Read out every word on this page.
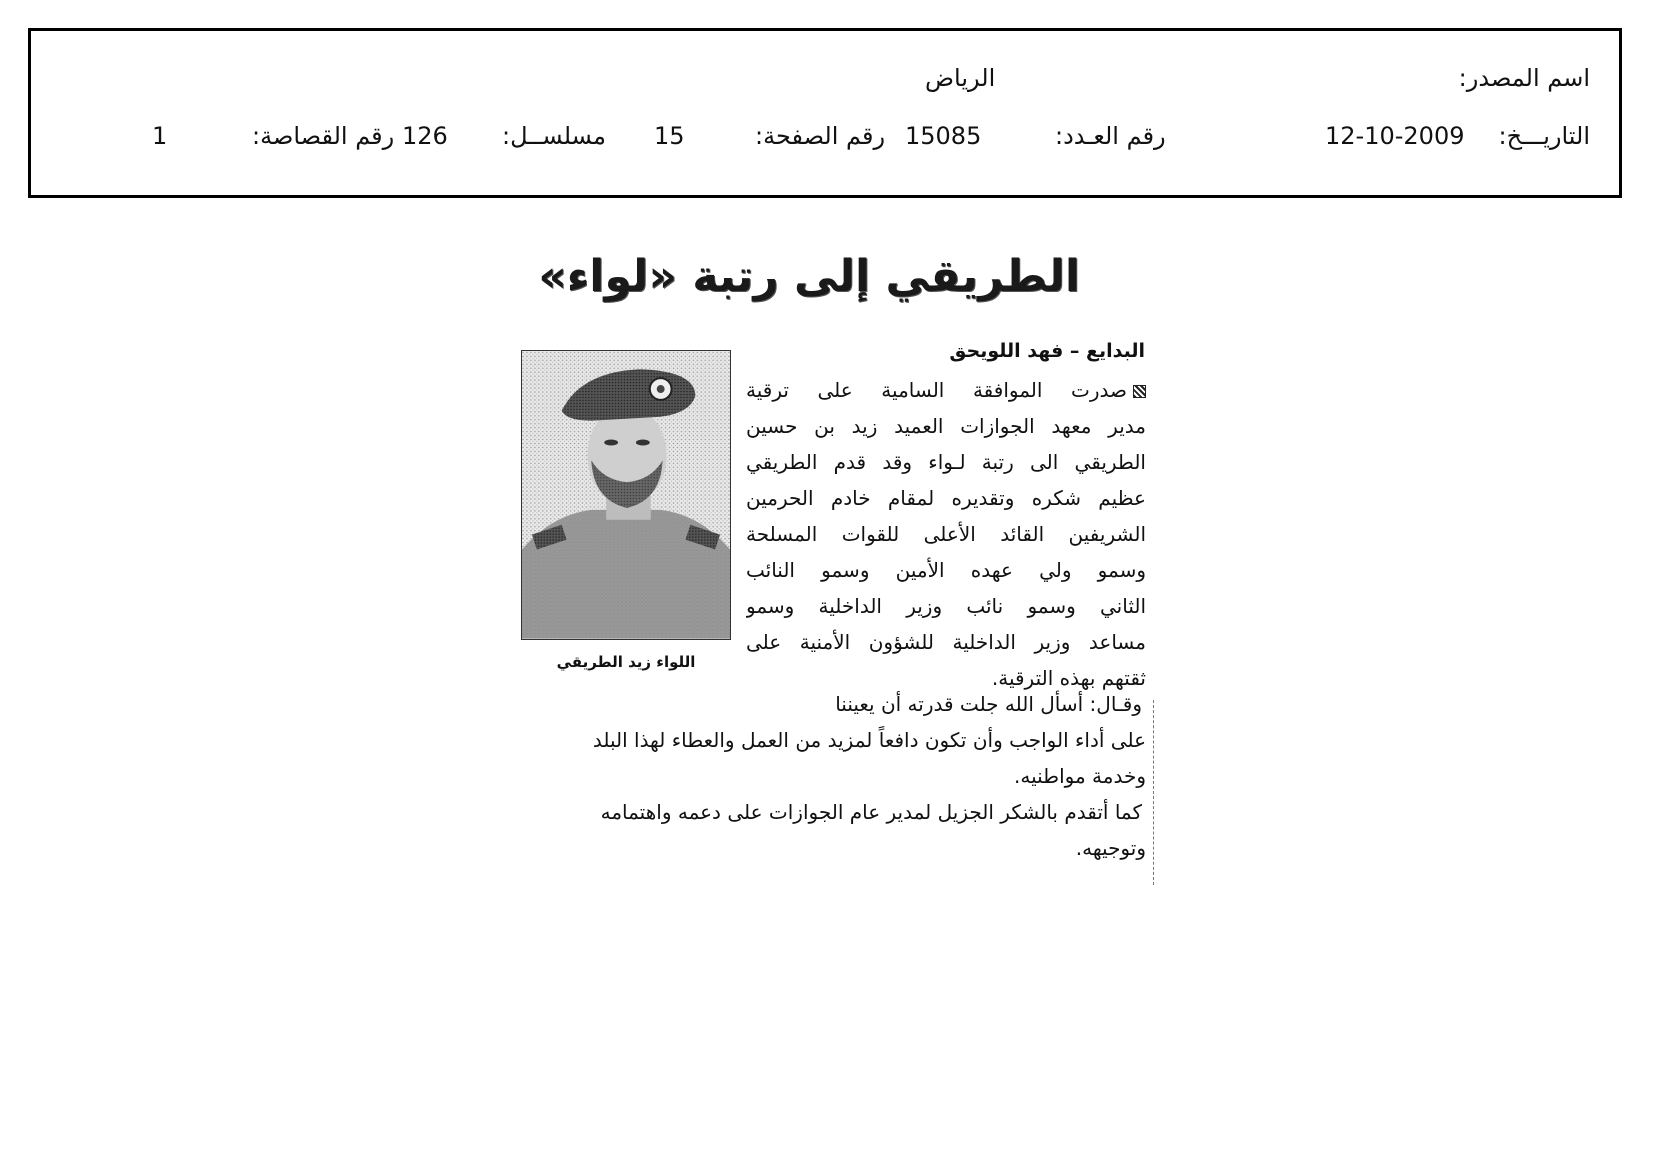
اسم المصدر:
الرياض
التاريـــخ:
12-10-2009
رقم العـدد:
15085
رقم الصفحة:
15
مسلســل:
126
رقم القصاصة:
1
الطريقي إلى رتبة «لواء»
البدايع – فهد اللويحق
اللواء زيد الطريقي
صدرت الموافقة السامية على ترقية
مدير معهد الجوازات العميد زيد بن حسين
الطريقي الى رتبة لـواء وقد قدم الطريقي
عظيم شكره وتقديره لمقام خادم الحرمين
الشريفين القائد الأعلى للقوات المسلحة
وسمو ولي عهده الأمين وسمو النائب
الثاني وسمو نائب وزير الداخلية وسمو
مساعد وزير الداخلية للشؤون الأمنية على
ثقتهم بهذه الترقية.
وقـال: أسأل الله جلت قدرته أن يعيننا
على أداء الواجب وأن تكون دافعاً لمزيد من العمل والعطاء لهذا البلد
وخدمة مواطنيه.
كما أتقدم بالشكر الجزيل لمدير عام الجوازات على دعمه واهتمامه
وتوجيهه.
